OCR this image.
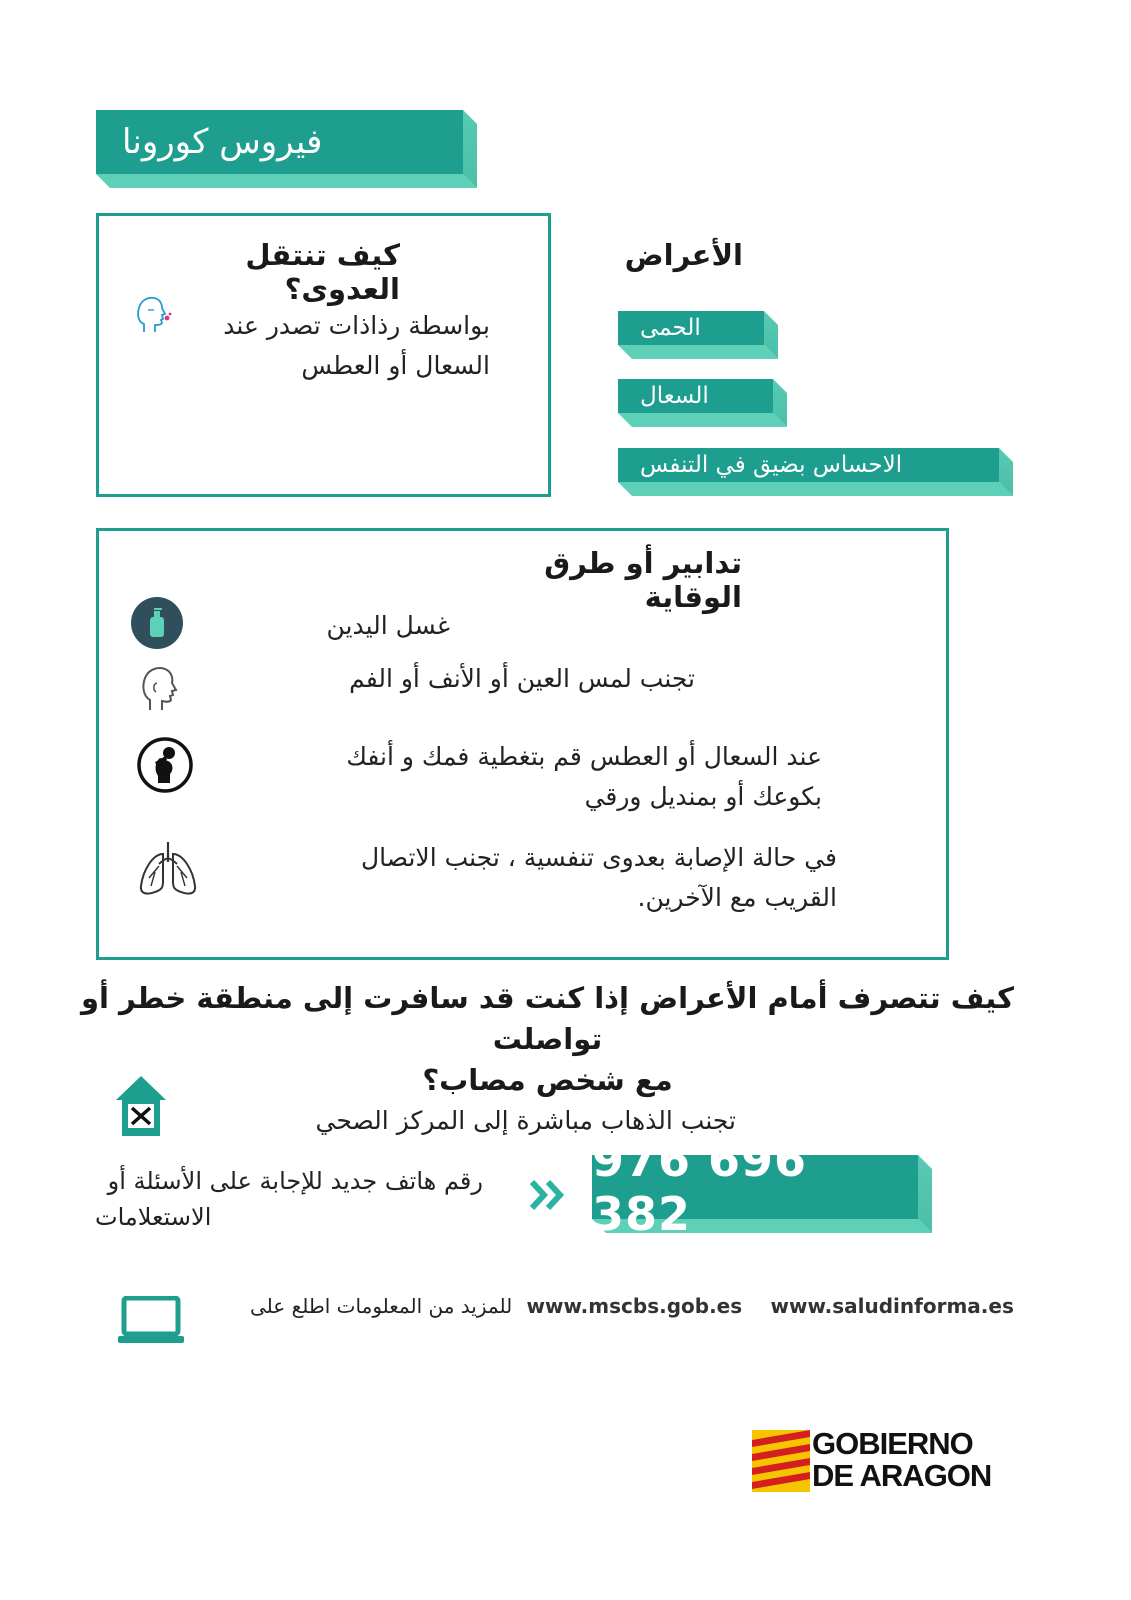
فيروس كورونا
كيف تنتقل العدوى؟
بواسطة رذاذات تصدر عند
السعال أو العطس
الأعراض
الحمى
السعال
الاحساس بضيق في التنفس
تدابير أو طرق الوقاية
غسل اليدين
تجنب لمس العين أو الأنف أو الفم
عند السعال أو العطس قم بتغطية فمك و أنفك
بكوعك أو بمنديل ورقي
في حالة الإصابة بعدوى تنفسية ، تجنب الاتصال
القريب مع الآخرين.
كيف تتصرف أمام الأعراض إذا كنت قد سافرت إلى منطقة خطر أو تواصلت
مع شخص مصاب؟
تجنب الذهاب مباشرة إلى المركز الصحي
رقم هاتف جديد للإجابة على الأسئلة أو
الاستعلامات
976 696 382
للمزيد من المعلومات اطلع على www.mscbs.gob.es www.saludinforma.es
GOBIERNO
DE ARAGON
